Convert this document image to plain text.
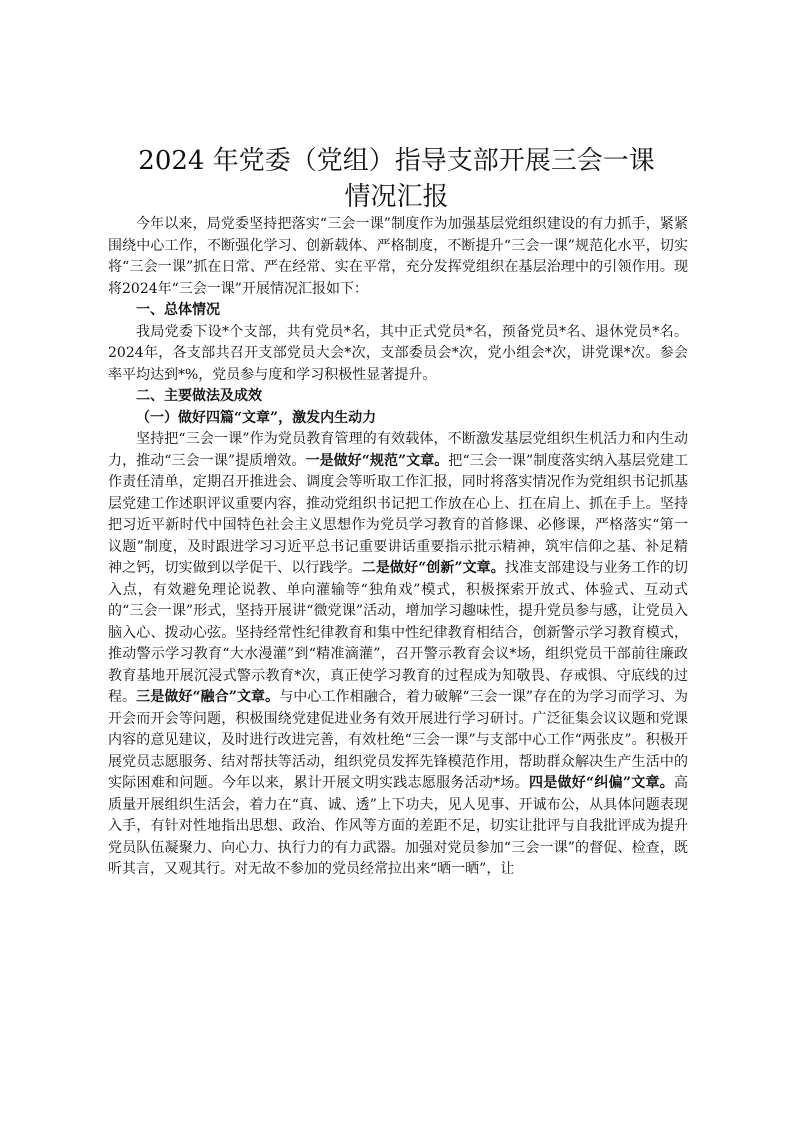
2024 年党委（党组）指导支部开展三会一课
情况汇报

今年以来，局党委坚持把落实“三会一课”制度作为加强基层党组织建设的有力抓手，紧紧围绕中心工作，不断强化学习、创新载体、严格制度，不断提升“三会一课”规范化水平，切实将“三会一课”抓在日常、严在经常、实在平常，充分发挥党组织在基层治理中的引领作用。现将2024年“三会一课”开展情况汇报如下：

一、总体情况

我局党委下设*个支部，共有党员*名，其中正式党员*名，预备党员*名、退休党员*名。2024年，各支部共召开支部党员大会*次，支部委员会*次，党小组会*次，讲党课*次。参会率平均达到*%，党员参与度和学习积极性显著提升。

二、主要做法及成效

（一）做好四篇“文章”，激发内生动力

坚持把“三会一课”作为党员教育管理的有效载体，不断激发基层党组织生机活力和内生动力，推动“三会一课”提质增效。一是做好“规范”文章。把“三会一课”制度落实纳入基层党建工作责任清单，定期召开推进会、调度会等听取工作汇报，同时将落实情况作为党组织书记抓基层党建工作述职评议重要内容，推动党组织书记把工作放在心上、扛在肩上、抓在手上。坚持把习近平新时代中国特色社会主义思想作为党员学习教育的首修课、必修课，严格落实“第一议题”制度，及时跟进学习习近平总书记重要讲话重要指示批示精神，筑牢信仰之基、补足精神之钙，切实做到以学促干、以行践学。二是做好“创新”文章。找准支部建设与业务工作的切入点，有效避免理论说教、单向灌输等“独角戏”模式，积极探索开放式、体验式、互动式的“三会一课”形式，坚持开展讲“微党课”活动，增加学习趣味性，提升党员参与感，让党员入脑入心、拨动心弦。坚持经常性纪律教育和集中性纪律教育相结合，创新警示学习教育模式，推动警示学习教育“大水漫灌”到“精准滴灌”，召开警示教育会议*场，组织党员干部前往廉政教育基地开展沉浸式警示教育*次，真正使学习教育的过程成为知敬畏、存戒惧、守底线的过程。三是做好“融合”文章。与中心工作相融合，着力破解“三会一课”存在的为学习而学习、为开会而开会等问题，积极围绕党建促进业务有效开展进行学习研讨。广泛征集会议议题和党课内容的意见建议，及时进行改进完善，有效杜绝“三会一课”与支部中心工作“两张皮”。积极开展党员志愿服务、结对帮扶等活动，组织党员发挥先锋模范作用，帮助群众解决生产生活中的实际困难和问题。今年以来，累计开展文明实践志愿服务活动*场。四是做好“纠偏”文章。高质量开展组织生活会，着力在“真、诚、透”上下功夫，见人见事、开诚布公，从具体问题表现入手，有针对性地指出思想、政治、作风等方面的差距不足，切实让批评与自我批评成为提升党员队伍凝聚力、向心力、执行力的有力武器。加强对党员参加“三会一课”的督促、检查，既听其言，又观其行。对无故不参加的党员经常拉出来“晒一晒”，让
